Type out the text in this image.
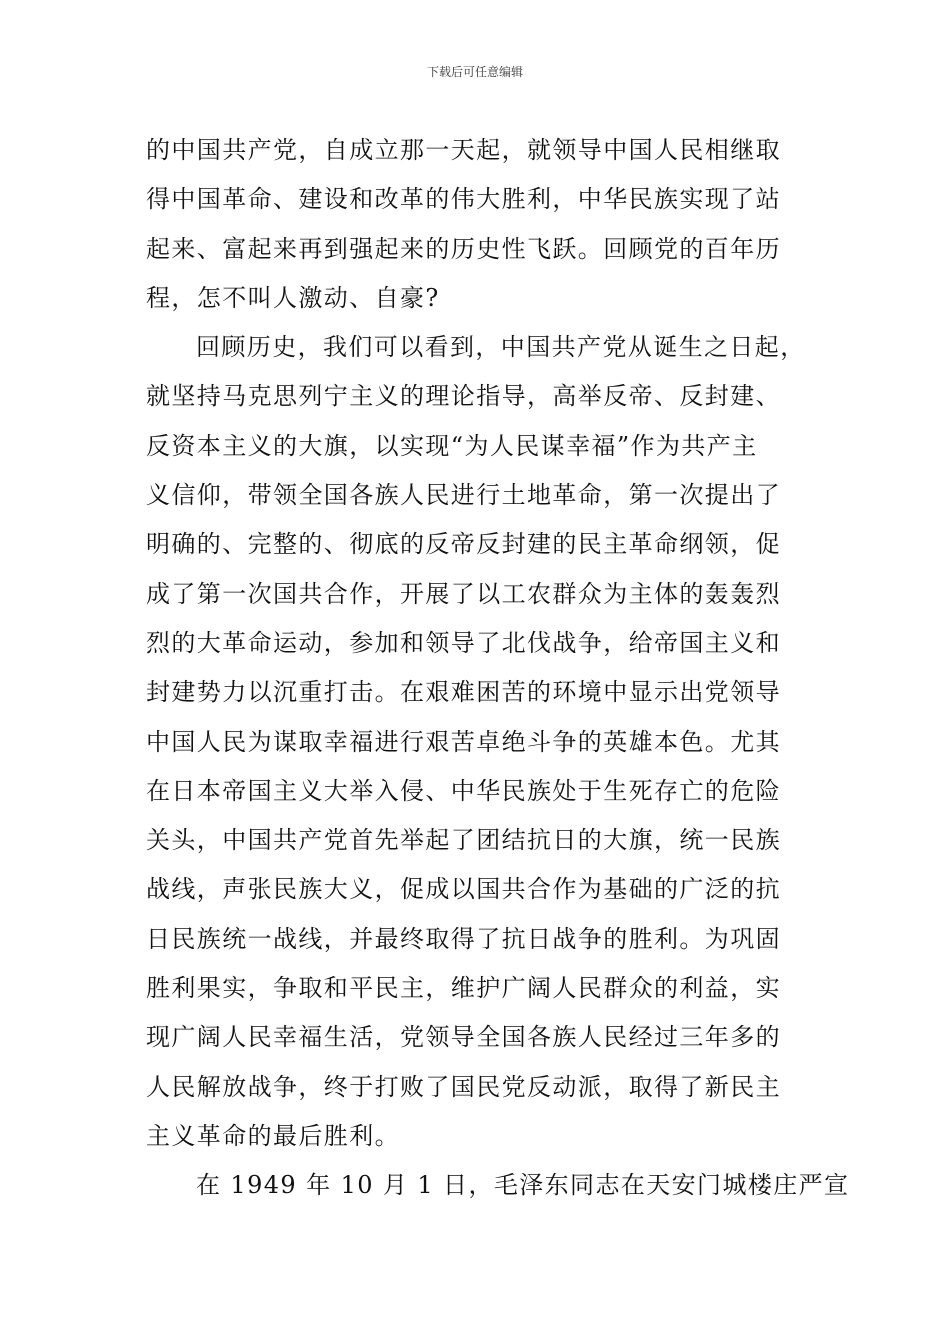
下载后可任意编辑
的中国共产党，自成立那一天起，就领导中国人民相继取
得中国革命、建设和改革的伟大胜利，中华民族实现了站
起来、富起来再到强起来的历史性飞跃。回顾党的百年历
程，怎不叫人激动、自豪?
回顾历史，我们可以看到，中国共产党从诞生之日起，
就坚持马克思列宁主义的理论指导，高举反帝、反封建、
反资本主义的大旗，以实现“为人民谋幸福”作为共产主
义信仰，带领全国各族人民进行土地革命，第一次提出了
明确的、完整的、彻底的反帝反封建的民主革命纲领，促
成了第一次国共合作，开展了以工农群众为主体的轰轰烈
烈的大革命运动，参加和领导了北伐战争，给帝国主义和
封建势力以沉重打击。在艰难困苦的环境中显示出党领导
中国人民为谋取幸福进行艰苦卓绝斗争的英雄本色。尤其
在日本帝国主义大举入侵、中华民族处于生死存亡的危险
关头，中国共产党首先举起了团结抗日的大旗，统一民族
战线，声张民族大义，促成以国共合作为基础的广泛的抗
日民族统一战线，并最终取得了抗日战争的胜利。为巩固
胜利果实，争取和平民主，维护广阔人民群众的利益，实
现广阔人民幸福生活，党领导全国各族人民经过三年多的
人民解放战争，终于打败了国民党反动派，取得了新民主
主义革命的最后胜利。
在 1949 年 10 月 1 日，毛泽东同志在天安门城楼庄严宣
